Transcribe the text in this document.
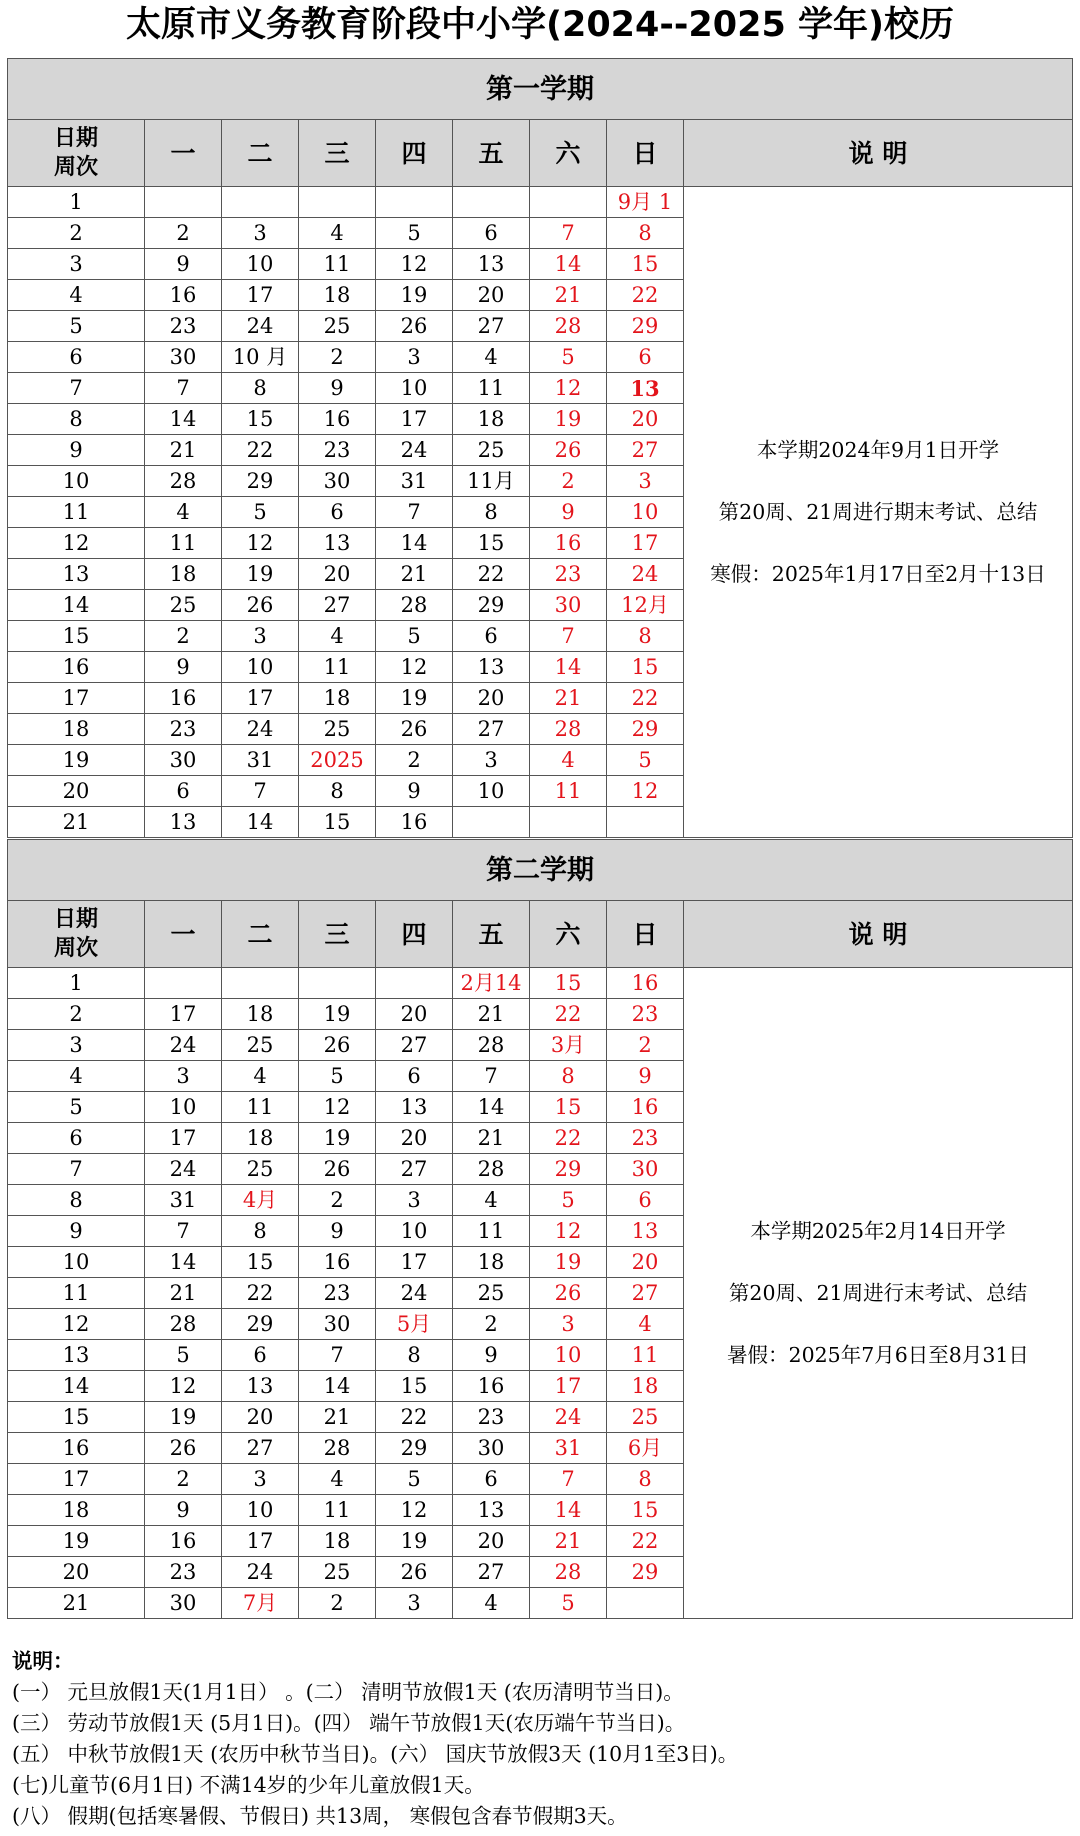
太原市义务教育阶段中小学(2024--2025 学年)校历
第一学期								

日期
周次	一	二	三	四	五	六	日	说 明
1							9月 1	本学期2024年9月1日开学

第20周、21周进行期末考试、总结

寒假：2025年1月17日至2月十13日

2	2	3	4	5	6	7	8	
3	9	10	11	12	13	14	15	
4	16	17	18	19	20	21	22	
5	23	24	25	26	27	28	29	
6	30	10 月	2	3	4	5	6	
7	7	8	9	10	11	12	13	
8	14	15	16	17	18	19	20	
9	21	22	23	24	25	26	27	
10	28	29	30	31	11月	2	3	
11	4	5	6	7	8	9	10	
12	11	12	13	14	15	16	17	
13	18	19	20	21	22	23	24	
14	25	26	27	28	29	30	12月	
15	2	3	4	5	6	7	8	
16	9	10	11	12	13	14	15	
17	16	17	18	19	20	21	22	
18	23	24	25	26	27	28	29	
19	30	31	2025	2	3	4	5	
20	6	7	8	9	10	11	12	
21	13	14	15	16				
第二学期								

日期
周次	一	二	三	四	五	六	日	说 明
1					2月14	15	16	本学期2025年2月14日开学

第20周、21周进行末考试、总结

暑假：2025年7月6日至8月31日

2	17	18	19	20	21	22	23	
3	24	25	26	27	28	3月	2	
4	3	4	5	6	7	8	9	
5	10	11	12	13	14	15	16	
6	17	18	19	20	21	22	23	
7	24	25	26	27	28	29	30	
8	31	4月	2	3	4	5	6	
9	7	8	9	10	11	12	13	
10	14	15	16	17	18	19	20	
11	21	22	23	24	25	26	27	
12	28	29	30	5月	2	3	4	
13	5	6	7	8	9	10	11	
14	12	13	14	15	16	17	18	
15	19	20	21	22	23	24	25	
16	26	27	28	29	30	31	6月	
17	2	3	4	5	6	7	8	
18	9	10	11	12	13	14	15	
19	16	17	18	19	20	21	22	
20	23	24	25	26	27	28	29	
21	30	7月	2	3	4	5		
说明：
(一） 元旦放假1天(1月1日） 。(二） 清明节放假1天 (农历清明节当日)。
(三） 劳动节放假1天 (5月1日)。(四） 端午节放假1天(农历端午节当日)。
(五） 中秋节放假1天 (农历中秋节当日)。(六） 国庆节放假3天 (10月1至3日)。
(七)儿童节(6月1日) 不满14岁的少年儿童放假1天。
(八） 假期(包括寒暑假、节假日) 共13周， 寒假包含春节假期3天。
